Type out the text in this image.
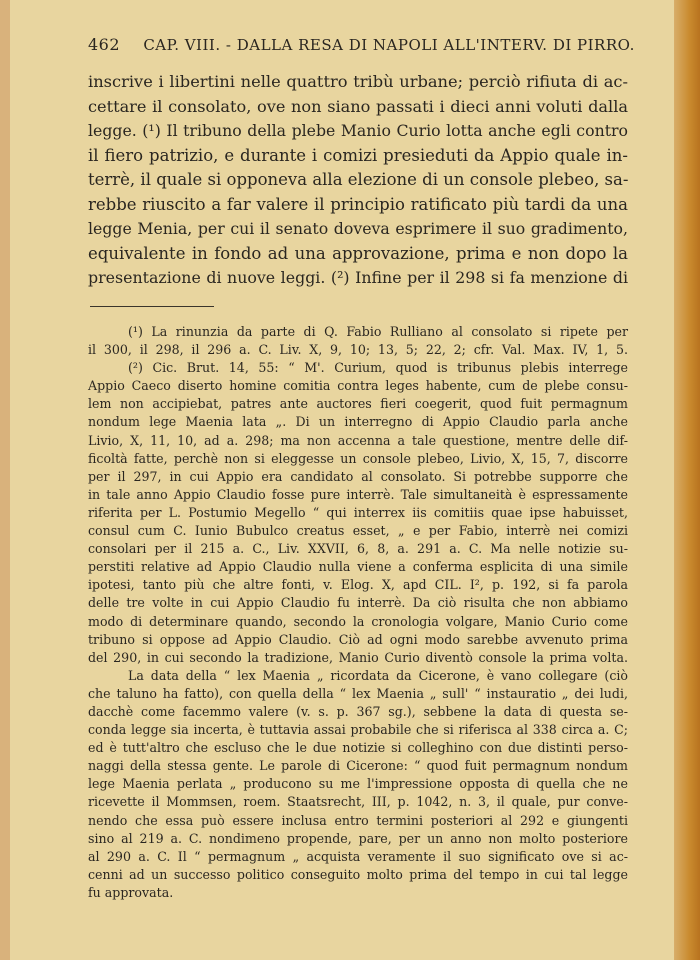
462 CAP. VIII. - DALLA RESA DI NAPOLI ALL'INTERV. DI PIRRO.
inscrive i libertini nelle quattro tribù urbane; perciò rifiuta di ac-
cettare il consolato, ove non siano passati i dieci anni voluti dalla
legge. (¹) Il tribuno della plebe Manio Curio lotta anche egli contro
il fiero patrizio, e durante i comizi presieduti da Appio quale in-
terrè, il quale si opponeva alla elezione di un console plebeo, sa-
rebbe riuscito a far valere il principio ratificato più tardi da una
legge Menia, per cui il senato doveva esprimere il suo gradimento,
equivalente in fondo ad una approvazione, prima e non dopo la
presentazione di nuove leggi. (²) Infine per il 298 si fa menzione di
(¹) La rinunzia da parte di Q. Fabio Rulliano al consolato si ripete per
il 300, il 298, il 296 a. C. Liv. X, 9, 10; 13, 5; 22, 2; cfr. Val. Max. IV, 1, 5.
(²) Cic. Brut. 14, 55: “ M'. Curium, quod is tribunus plebis interrege
Appio Caeco diserto homine comitia contra leges habente, cum de plebe consu-
lem non accipiebat, patres ante auctores fieri coegerit, quod fuit permagnum
nondum lege Maenia lata „. Di un interregno di Appio Claudio parla anche
Livio, X, 11, 10, ad a. 298; ma non accenna a tale questione, mentre delle dif-
ficoltà fatte, perchè non si eleggesse un console plebeo, Livio, X, 15, 7, discorre
per il 297, in cui Appio era candidato al consolato. Si potrebbe supporre che
in tale anno Appio Claudio fosse pure interrè. Tale simultaneità è espressamente
riferita per L. Postumio Megello “ qui interrex iis comitiis quae ipse habuisset,
consul cum C. Iunio Bubulco creatus esset, „ e per Fabio, interrè nei comizi
consolari per il 215 a. C., Liv. XXVII, 6, 8, a. 291 a. C. Ma nelle notizie su-
perstiti relative ad Appio Claudio nulla viene a conferma esplicita di una simile
ipotesi, tanto più che altre fonti, v. Elog. X, apd CIL. I², p. 192, si fa parola
delle tre volte in cui Appio Claudio fu interrè. Da ciò risulta che non abbiamo
modo di determinare quando, secondo la cronologia volgare, Manio Curio come
tribuno si oppose ad Appio Claudio. Ciò ad ogni modo sarebbe avvenuto prima
del 290, in cui secondo la tradizione, Manio Curio diventò console la prima volta.
La data della “ lex Maenia „ ricordata da Cicerone, è vano collegare (ciò
che taluno ha fatto), con quella della “ lex Maenia „ sull' “ instauratio „ dei ludi,
dacchè come facemmo valere (v. s. p. 367 sg.), sebbene la data di questa se-
conda legge sia incerta, è tuttavia assai probabile che si riferisca al 338 circa a. C;
ed è tutt'altro che escluso che le due notizie si colleghino con due distinti perso-
naggi della stessa gente. Le parole di Cicerone: “ quod fuit permagnum nondum
lege Maenia perlata „ producono su me l'impressione opposta di quella che ne
ricevette il Mommsen, roem. Staatsrecht, III, p. 1042, n. 3, il quale, pur conve-
nendo che essa può essere inclusa entro termini posteriori al 292 e giungenti
sino al 219 a. C. nondimeno propende, pare, per un anno non molto posteriore
al 290 a. C. Il “ permagnum „ acquista veramente il suo significato ove si ac-
cenni ad un successo politico conseguito molto prima del tempo in cui tal legge
fu approvata.
